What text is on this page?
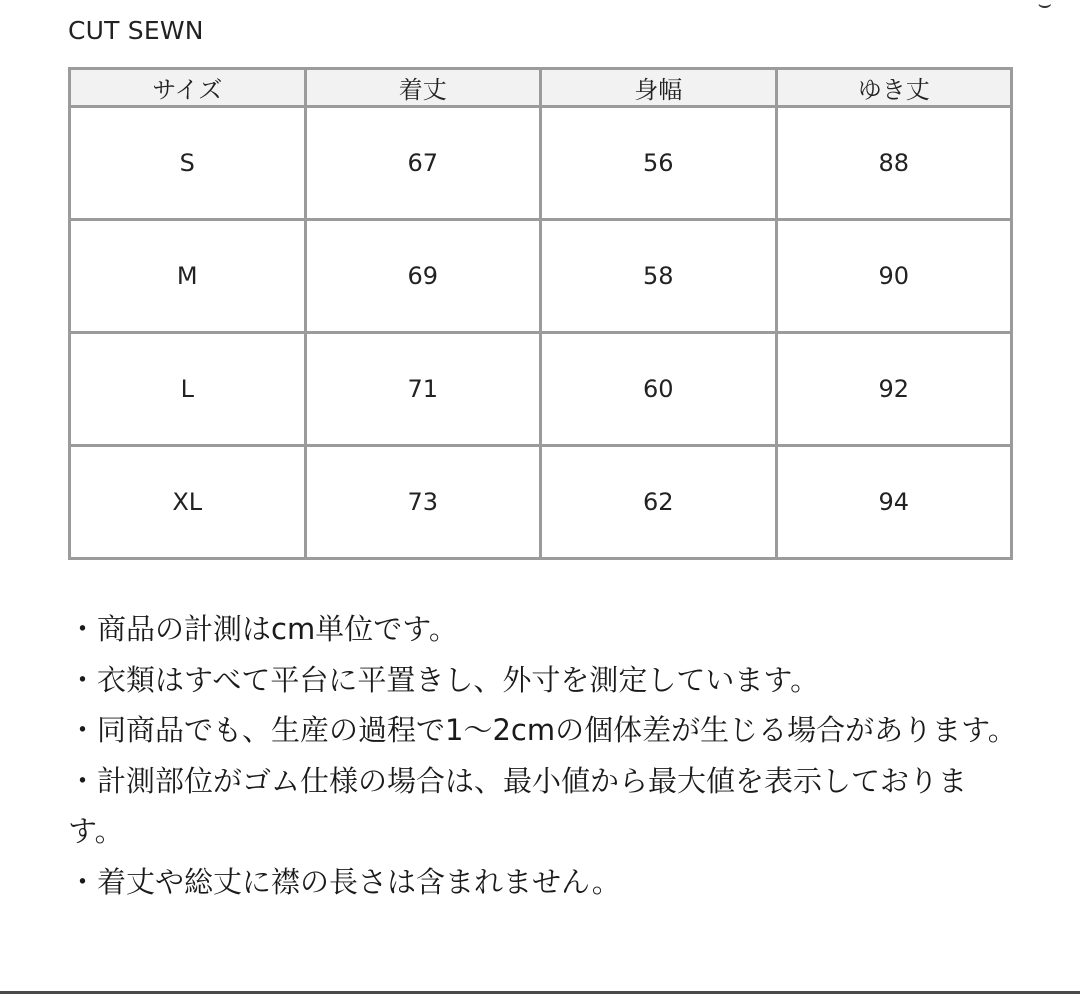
⌣
CUT SEWN
サイズ	着丈	身幅	ゆき丈
S	67	56	88
M	69	58	90
L	71	60	92
XL	73	62	94
・商品の計測はcm単位です。
・衣類はすべて平台に平置きし、外寸を測定しています。
・同商品でも、生産の過程で1〜2cmの個体差が生じる場合があります。
・計測部位がゴム仕様の場合は、最小値から最大値を表示しております。
・着丈や総丈に襟の長さは含まれません。
